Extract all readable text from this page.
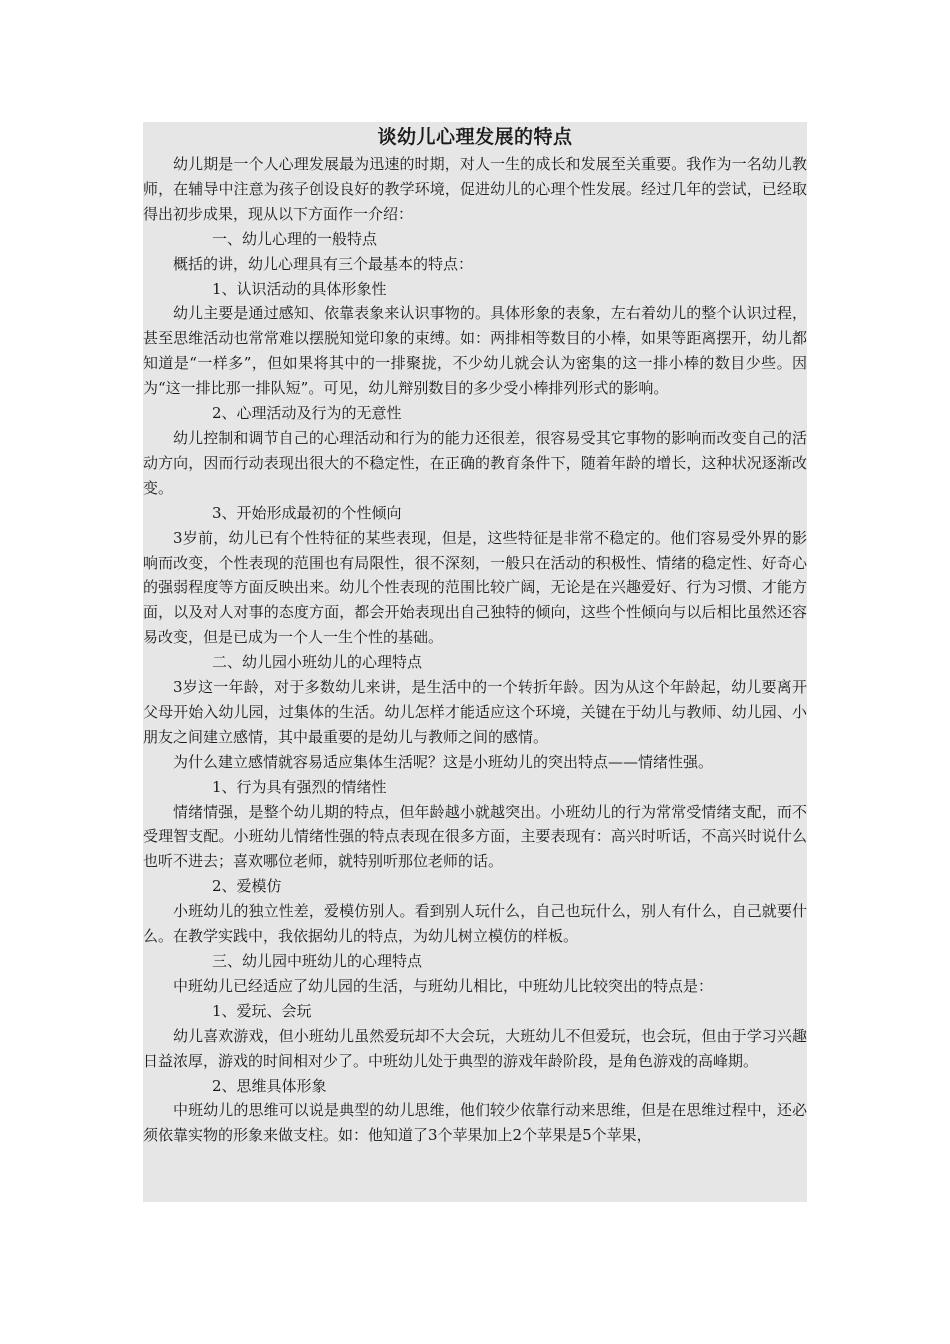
谈幼儿心理发展的特点

幼儿期是一个人心理发展最为迅速的时期，对人一生的成长和发展至关重要。我作为一名幼儿教师，在辅导中注意为孩子创设良好的教学环境，促进幼儿的心理个性发展。经过几年的尝试，已经取得出初步成果，现从以下方面作一介绍：

一、幼儿心理的一般特点

概括的讲，幼儿心理具有三个最基本的特点：

1、认识活动的具体形象性

幼儿主要是通过感知、依靠表象来认识事物的。具体形象的表象，左右着幼儿的整个认识过程，甚至思维活动也常常难以摆脱知觉印象的束缚。如：两排相等数目的小棒，如果等距离摆开，幼儿都知道是“一样多”，但如果将其中的一排聚拢，不少幼儿就会认为密集的这一排小棒的数目少些。因为“这一排比那一排队短”。可见，幼儿辩别数目的多少受小棒排列形式的影响。

2、心理活动及行为的无意性

幼儿控制和调节自己的心理活动和行为的能力还很差，很容易受其它事物的影响而改变自己的活动方向，因而行动表现出很大的不稳定性，在正确的教育条件下，随着年龄的增长，这种状况逐渐改变。

3、开始形成最初的个性倾向

3岁前，幼儿已有个性特征的某些表现，但是，这些特征是非常不稳定的。他们容易受外界的影响而改变，个性表现的范围也有局限性，很不深刻，一般只在活动的积极性、情绪的稳定性、好奇心的强弱程度等方面反映出来。幼儿个性表现的范围比较广阔，无论是在兴趣爱好、行为习惯、才能方面，以及对人对事的态度方面，都会开始表现出自己独特的倾向，这些个性倾向与以后相比虽然还容易改变，但是已成为一个人一生个性的基础。

二、幼儿园小班幼儿的心理特点

3岁这一年龄，对于多数幼儿来讲，是生活中的一个转折年龄。因为从这个年龄起，幼儿要离开父母开始入幼儿园，过集体的生活。幼儿怎样才能适应这个环境，关键在于幼儿与教师、幼儿园、小朋友之间建立感情，其中最重要的是幼儿与教师之间的感情。

为什么建立感情就容易适应集体生活呢？这是小班幼儿的突出特点——情绪性强。

1、行为具有强烈的情绪性

情绪情强，是整个幼儿期的特点，但年龄越小就越突出。小班幼儿的行为常常受情绪支配，而不受理智支配。小班幼儿情绪性强的特点表现在很多方面，主要表现有：高兴时听话，不高兴时说什么也听不进去；喜欢哪位老师，就特别听那位老师的话。

2、爱模仿

小班幼儿的独立性差，爱模仿别人。看到别人玩什么，自己也玩什么，别人有什么，自己就要什么。在教学实践中，我依据幼儿的特点，为幼儿树立模仿的样板。

三、幼儿园中班幼儿的心理特点

中班幼儿已经适应了幼儿园的生活，与班幼儿相比，中班幼儿比较突出的特点是：

1、爱玩、会玩

幼儿喜欢游戏，但小班幼儿虽然爱玩却不大会玩，大班幼儿不但爱玩，也会玩，但由于学习兴趣日益浓厚，游戏的时间相对少了。中班幼儿处于典型的游戏年龄阶段，是角色游戏的高峰期。

2、思维具体形象

中班幼儿的思维可以说是典型的幼儿思维，他们较少依靠行动来思维，但是在思维过程中，还必须依靠实物的形象来做支柱。如：他知道了3个苹果加上2个苹果是5个苹果，
